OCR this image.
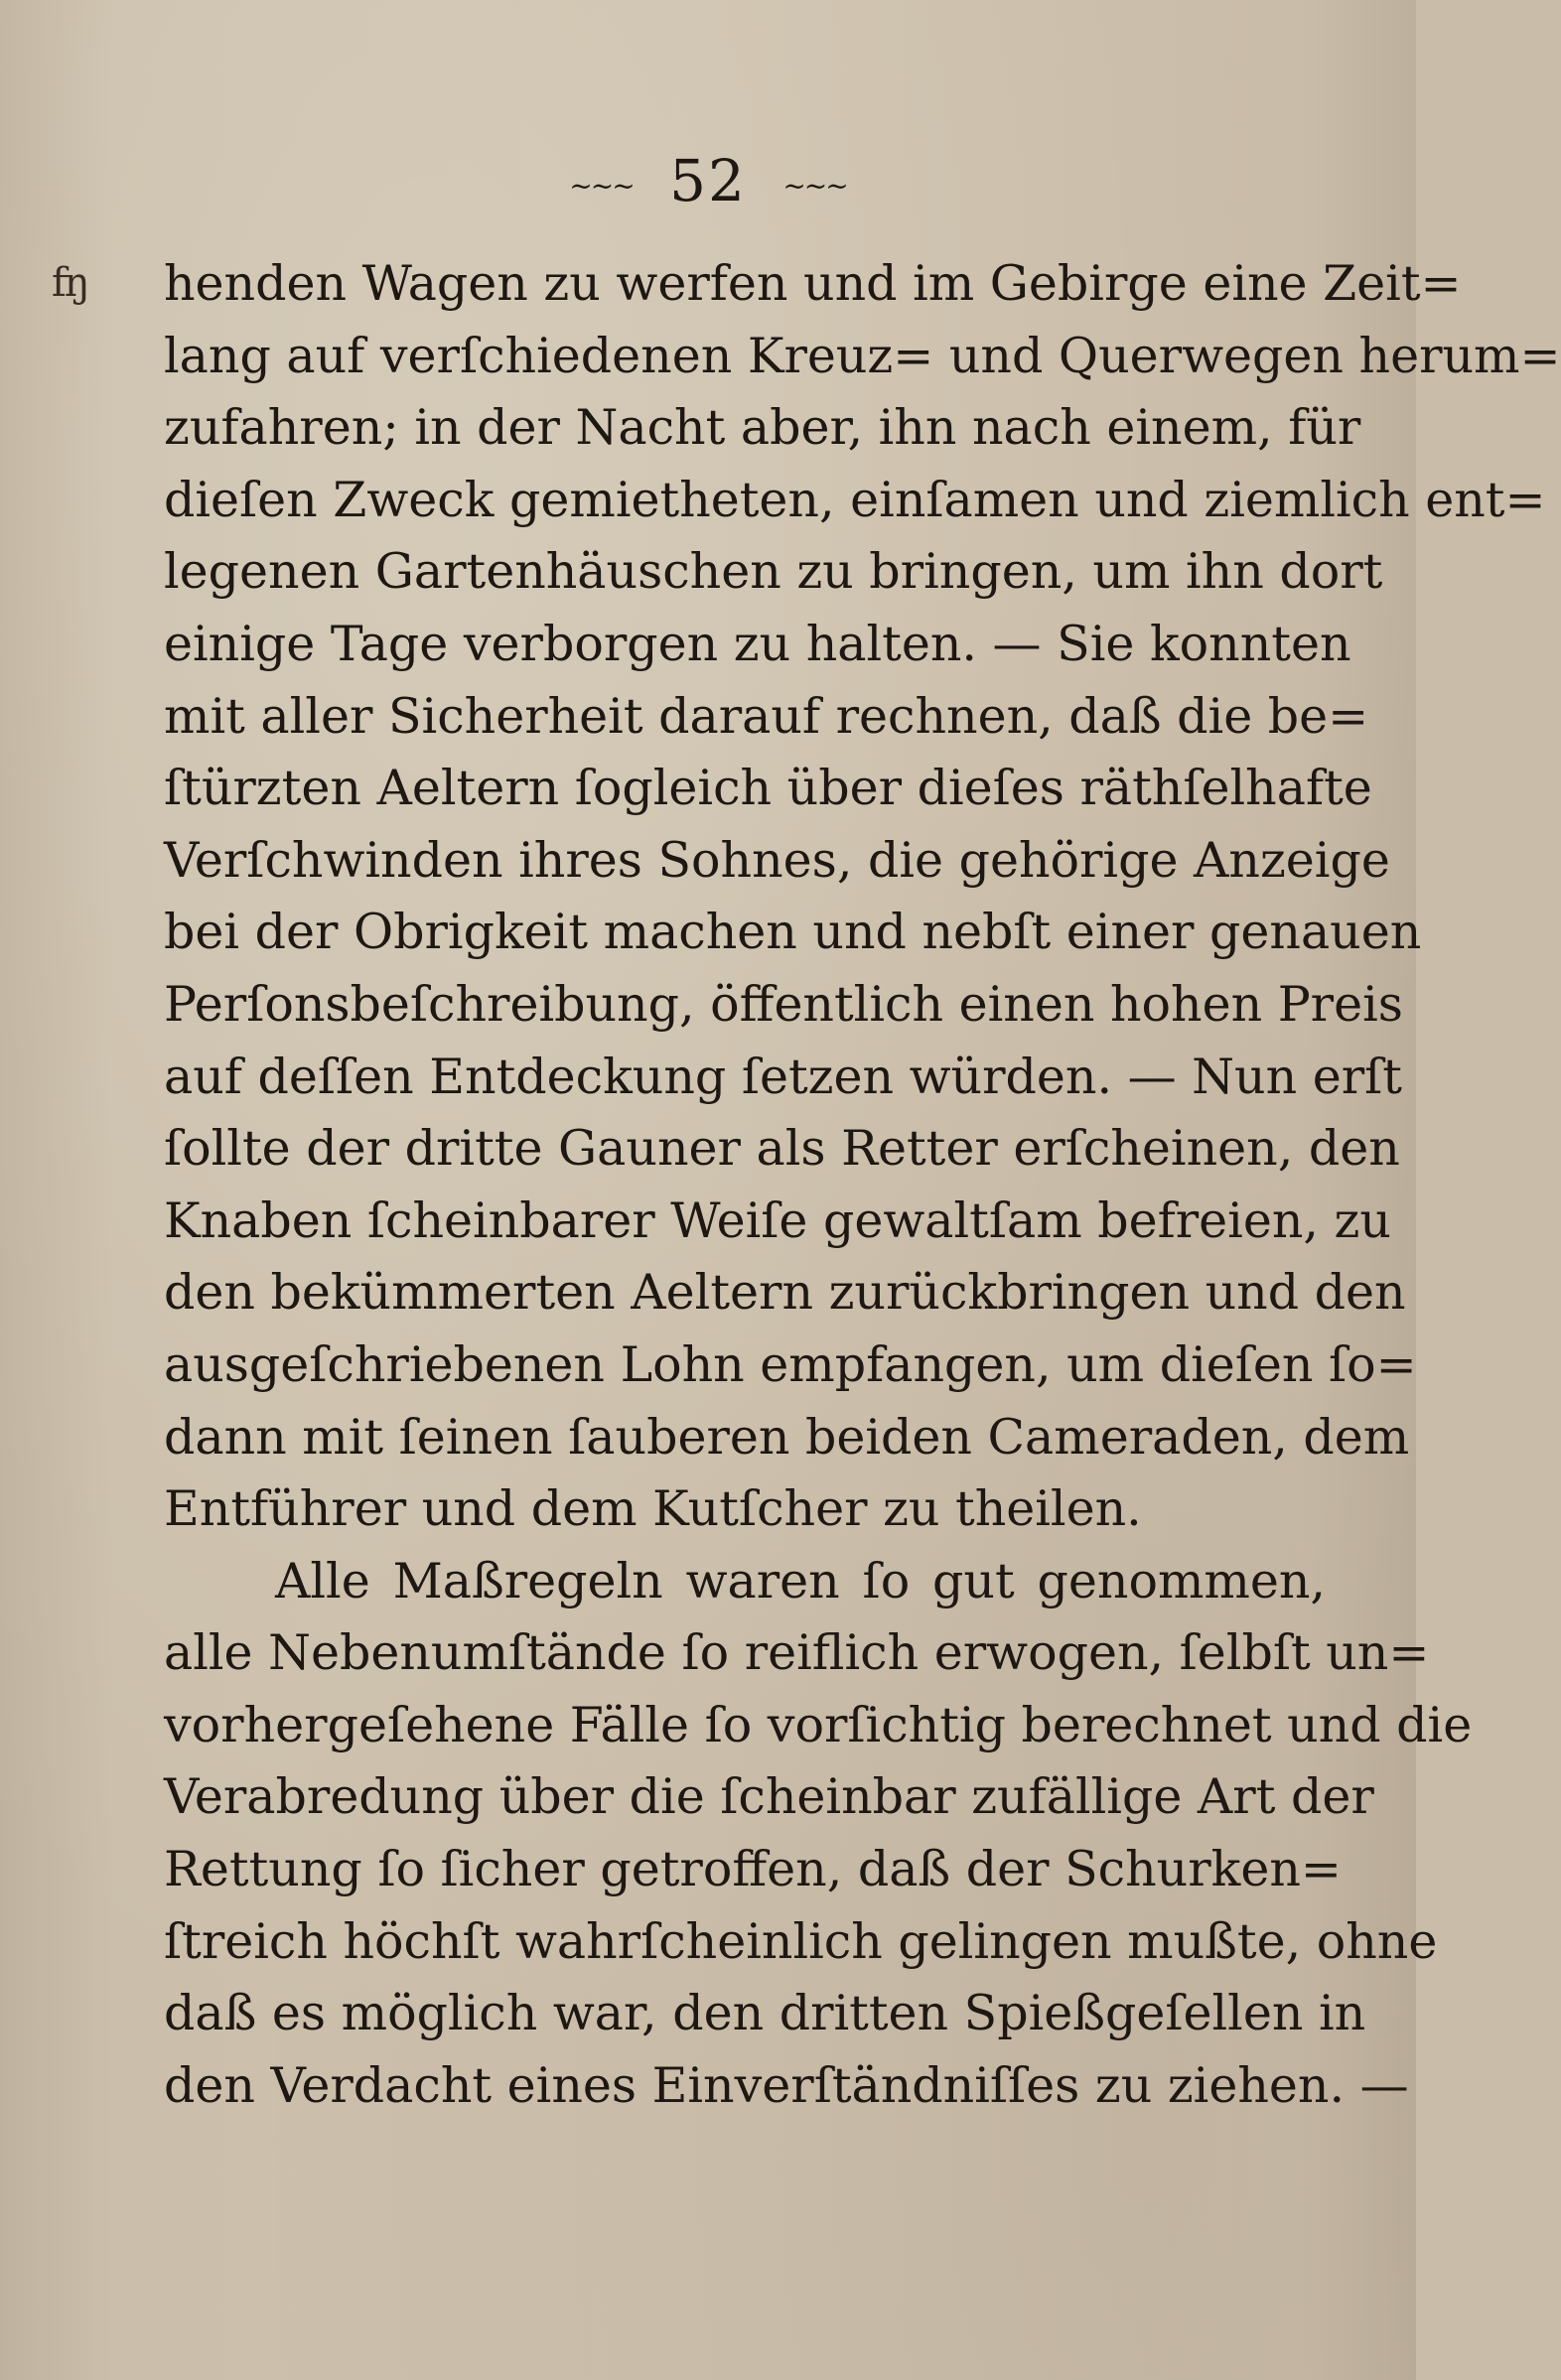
ʩ
~~~ 52 ~~~
henden Wagen zu werfen und im Gebirge eine Zeit=
lang auf verſchiedenen Kreuz= und Querwegen herum=
zufahren; in der Nacht aber, ihn nach einem, für
dieſen Zweck gemietheten, einſamen und ziemlich ent=
legenen Gartenhäuschen zu bringen, um ihn dort
einige Tage verborgen zu halten. — Sie konnten
mit aller Sicherheit darauf rechnen, daß die be=
ſtürzten Aeltern ſogleich über dieſes räthſelhafte
Verſchwinden ihres Sohnes, die gehörige Anzeige
bei der Obrigkeit machen und nebſt einer genauen
Perſonsbeſchreibung, öffentlich einen hohen Preis
auf deſſen Entdeckung ſetzen würden. — Nun erſt
ſollte der dritte Gauner als Retter erſcheinen, den
Knaben ſcheinbarer Weiſe gewaltſam befreien, zu
den bekümmerten Aeltern zurückbringen und den
ausgeſchriebenen Lohn empfangen, um dieſen ſo=
dann mit ſeinen ſauberen beiden Cameraden, dem
Entführer und dem Kutſcher zu theilen.
Alle Maßregeln waren ſo gut genommen,
alle Nebenumſtände ſo reiflich erwogen, ſelbſt un=
vorhergeſehene Fälle ſo vorſichtig berechnet und die
Verabredung über die ſcheinbar zufällige Art der
Rettung ſo ſicher getroffen, daß der Schurken=
ſtreich höchſt wahrſcheinlich gelingen mußte, ohne
daß es möglich war, den dritten Spießgeſellen in
den Verdacht eines Einverſtändniſſes zu ziehen. —
